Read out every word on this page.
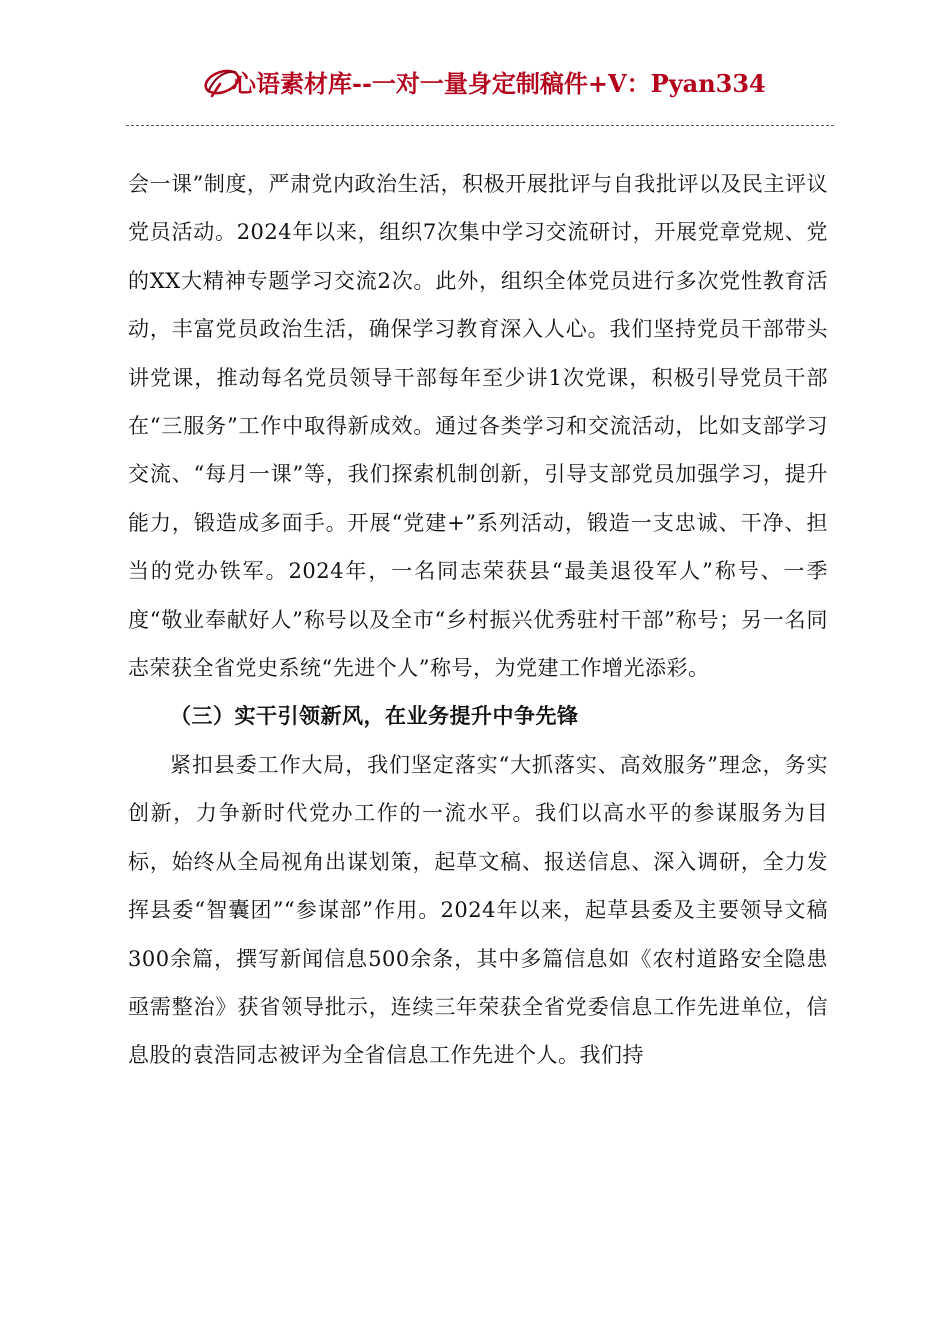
心语素材库--一对一量身定制稿件+V：Pyan334

会一课”制度，严肃党内政治生活，积极开展批评与自我批评以及民主评议党员活动。2024年以来，组织7次集中学习交流研讨，开展党章党规、党的XX大精神专题学习交流2次。此外，组织全体党员进行多次党性教育活动，丰富党员政治生活，确保学习教育深入人心。我们坚持党员干部带头讲党课，推动每名党员领导干部每年至少讲1次党课，积极引导党员干部在“三服务”工作中取得新成效。通过各类学习和交流活动，比如支部学习交流、“每月一课”等，我们探索机制创新，引导支部党员加强学习，提升能力，锻造成多面手。开展“党建+”系列活动，锻造一支忠诚、干净、担当的党办铁军。2024年，一名同志荣获县“最美退役军人”称号、一季度“敬业奉献好人”称号以及全市“乡村振兴优秀驻村干部”称号；另一名同志荣获全省党史系统“先进个人”称号，为党建工作增光添彩。

（三）实干引领新风，在业务提升中争先锋

紧扣县委工作大局，我们坚定落实“大抓落实、高效服务”理念，务实创新，力争新时代党办工作的一流水平。我们以高水平的参谋服务为目标，始终从全局视角出谋划策，起草文稿、报送信息、深入调研，全力发挥县委“智囊团”“参谋部”作用。2024年以来，起草县委及主要领导文稿300余篇，撰写新闻信息500余条，其中多篇信息如《农村道路安全隐患亟需整治》获省领导批示，连续三年荣获全省党委信息工作先进单位，信息股的袁浩同志被评为全省信息工作先进个人。我们持
